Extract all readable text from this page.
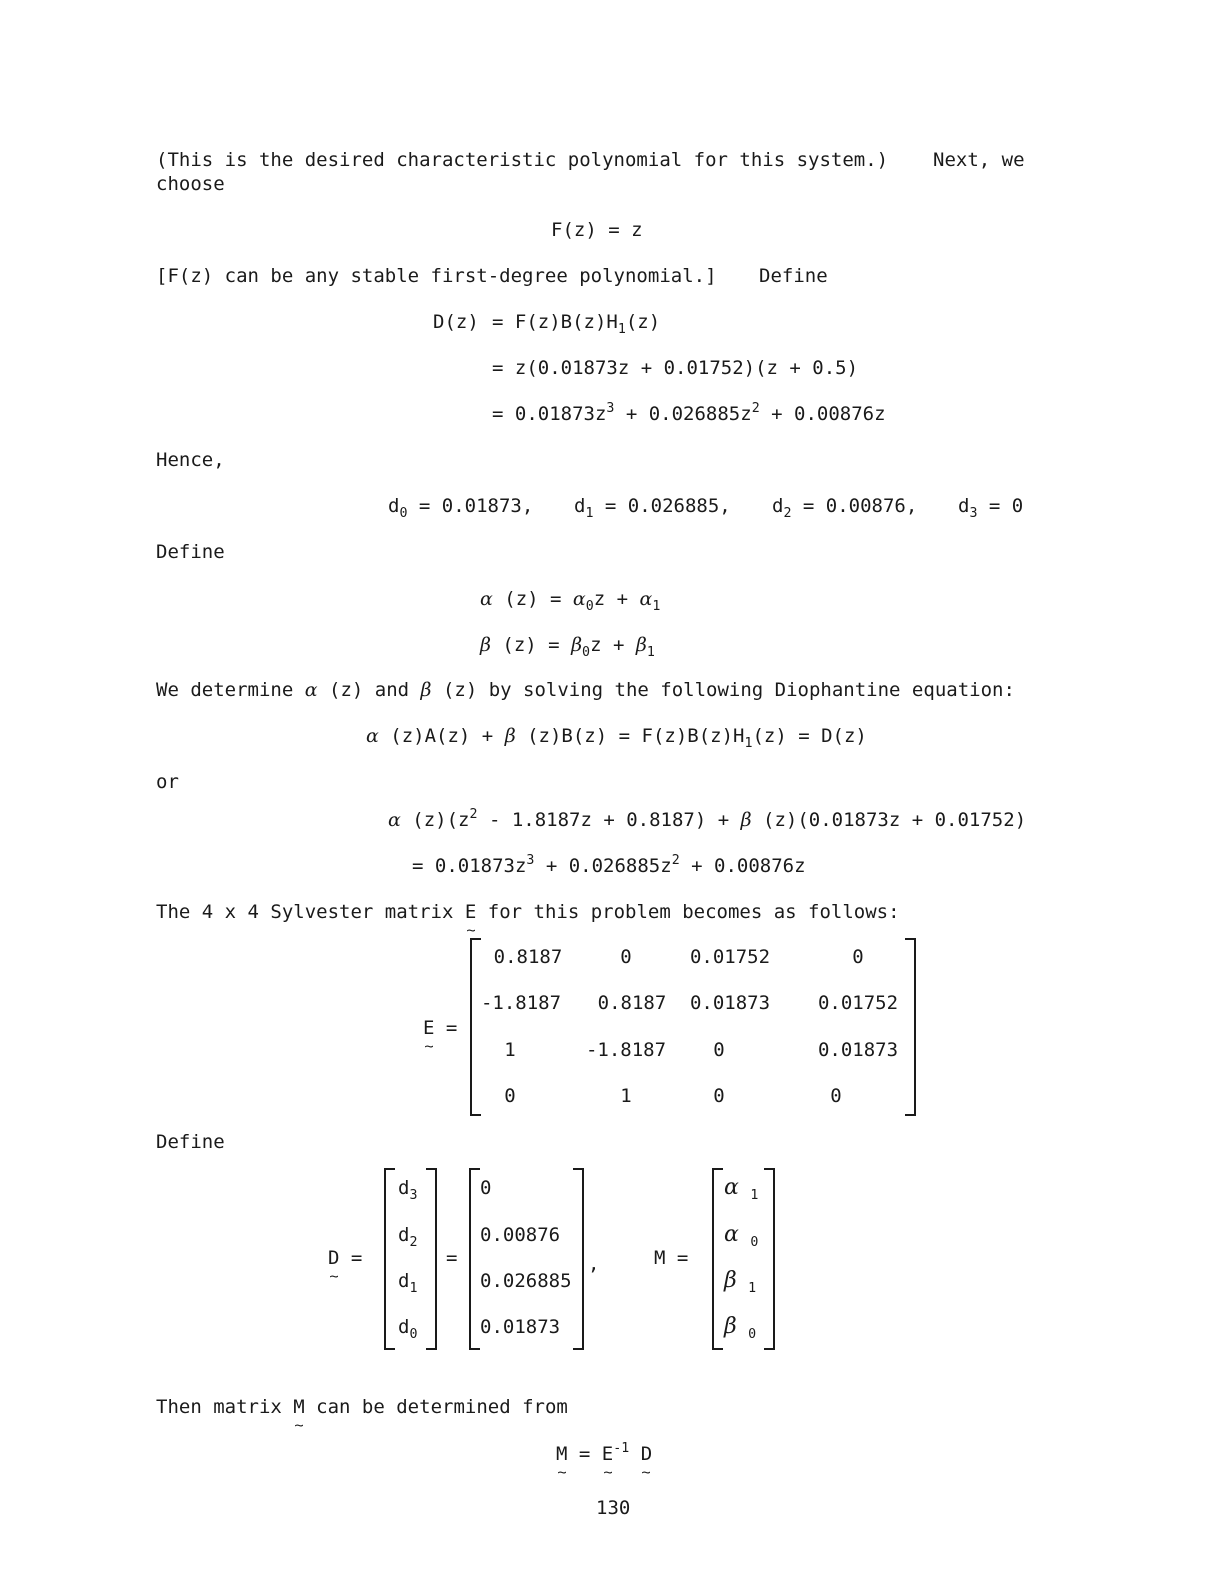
(This is the desired characteristic polynomial for this system.) Next, we
choose
F(z) = z
[F(z) can be any stable first-degree polynomial.] Define
$D(z) = F(z)B(z)H_1(z)$
= z(0.01873z + 0.01752)(z + 0.5)
= $0.01873z^3 + 0.026885z^2 + 0.00876z$
Hence,
$d_0 = 0.01873$, $d_1 = 0.026885$, $d_2 = 0.00876$, $d_3 = 0$
Define
α $(z) = \alpha_0z + \alpha_1$
β $(z) = \beta_0z + \beta_1$
We determine α (z) and β (z) by solving the following Diophantine equation:
α (z)A(z) + β $(z)B(z) = F(z)B(z)H_1(z) = D(z)$
or
α $(z)(z^2 - 1.8187z + 0.8187) + \beta$ (z)(0.01873z + 0.01752)
= $0.01873z^3 + 0.026885z^2 + 0.00876z$
The 4 x 4 Sylvester matrix E ~ for this problem becomes as follows:
E ~ =
0.8187	0	0.01752	0
-1.8187	0.8187	0.01873	0.01752
1	-1.8187	0	0.01873
0	1	0	0
Define
D ~ =
$d_3$
$d_2$
$d_1$
$d_0$
=
0
0.00876
0.026885
0.01873
,	M =
α $_1$
α $_0$
β $_1$
β $_0$
Then matrix M ~ can be determined from
M ~ = E ~$^{-1}$ D ~
130
